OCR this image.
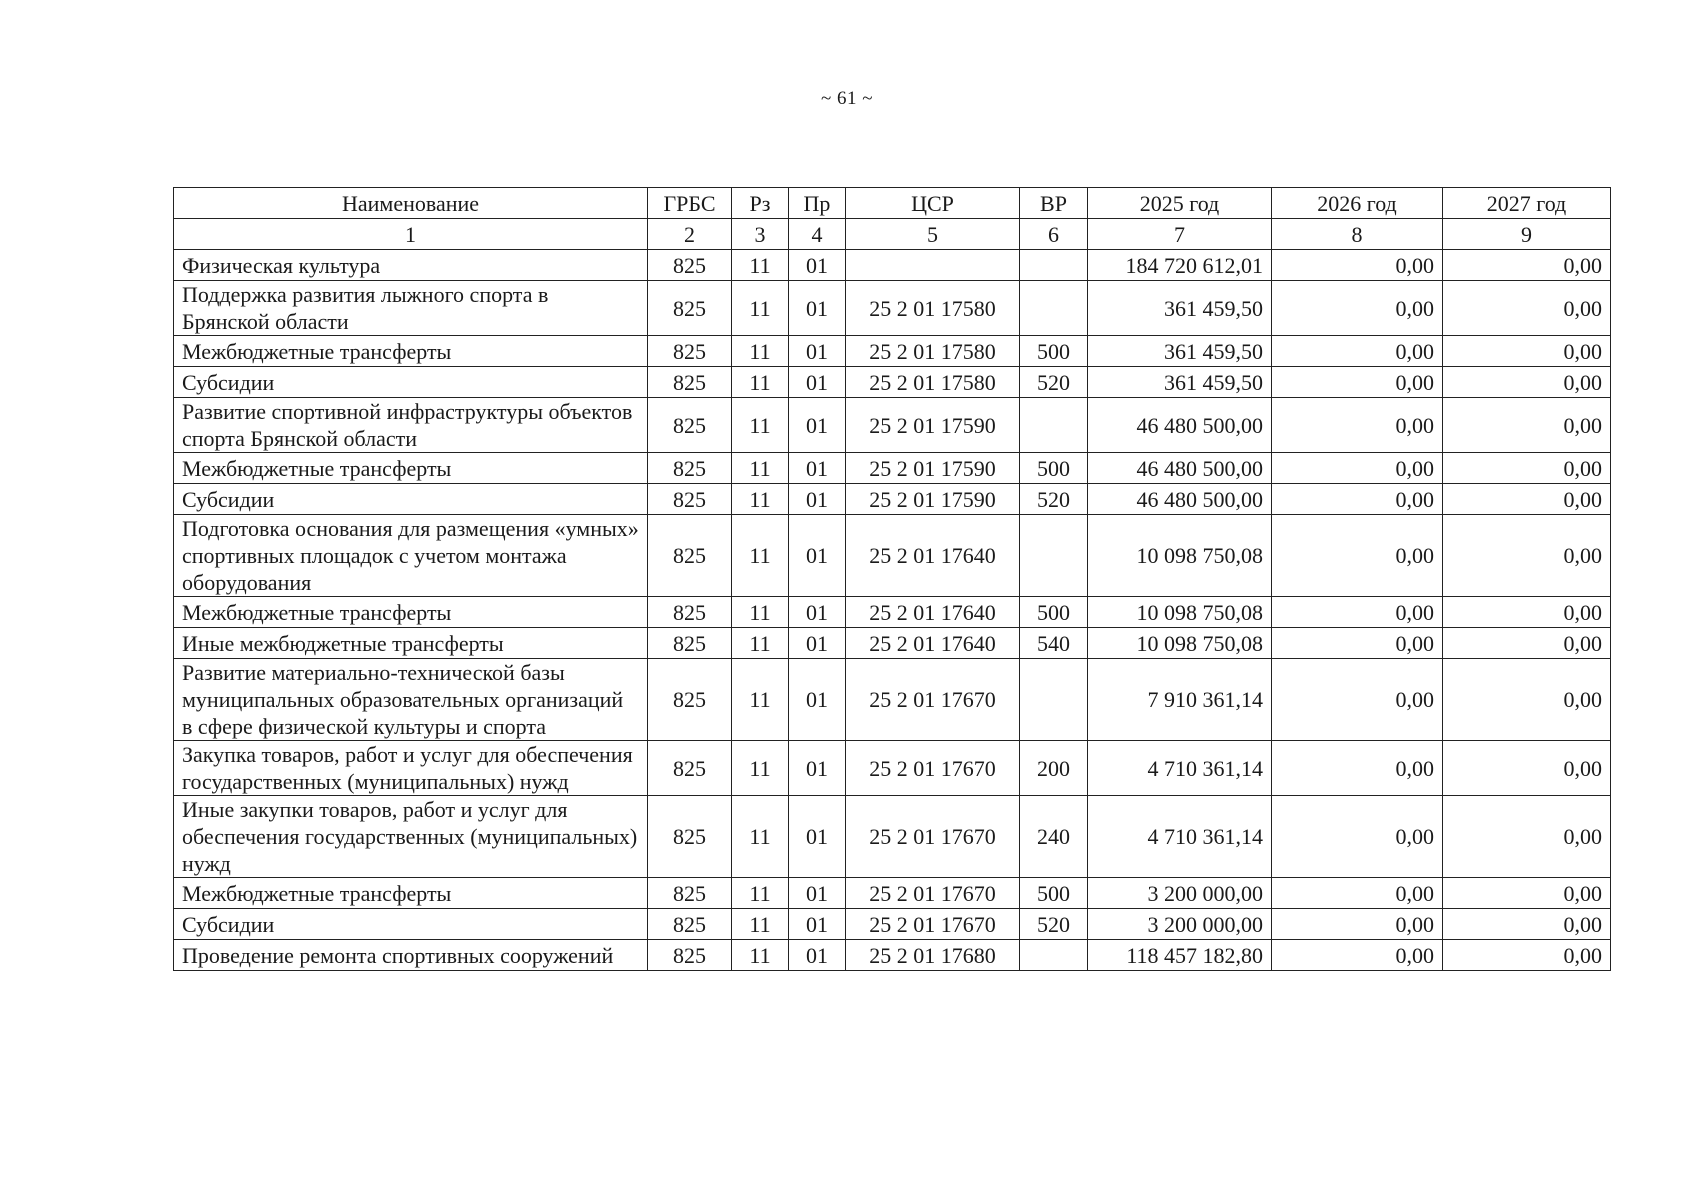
~ 61 ~
Наименование	ГРБС	Рз	Пр	ЦСР	ВР	2025 год	2026 год	2027 год
1	2	3	4	5	6	7	8	9
Физическая культура	825	11	01			184 720 612,01	0,00	0,00
Поддержка развития лыжного спорта в Брянской области	825	11	01	25 2 01 17580		361 459,50	0,00	0,00
Межбюджетные трансферты	825	11	01	25 2 01 17580	500	361 459,50	0,00	0,00
Субсидии	825	11	01	25 2 01 17580	520	361 459,50	0,00	0,00
Развитие спортивной инфраструктуры объектов спорта Брянской области	825	11	01	25 2 01 17590		46 480 500,00	0,00	0,00
Межбюджетные трансферты	825	11	01	25 2 01 17590	500	46 480 500,00	0,00	0,00
Субсидии	825	11	01	25 2 01 17590	520	46 480 500,00	0,00	0,00
Подготовка основания для размещения «умных» спортивных площадок с учетом монтажа оборудования	825	11	01	25 2 01 17640		10 098 750,08	0,00	0,00
Межбюджетные трансферты	825	11	01	25 2 01 17640	500	10 098 750,08	0,00	0,00
Иные межбюджетные трансферты	825	11	01	25 2 01 17640	540	10 098 750,08	0,00	0,00
Развитие материально-технической базы муниципальных образовательных организаций в сфере физической культуры и спорта	825	11	01	25 2 01 17670		7 910 361,14	0,00	0,00
Закупка товаров, работ и услуг для обеспечения государственных (муниципальных) нужд	825	11	01	25 2 01 17670	200	4 710 361,14	0,00	0,00
Иные закупки товаров, работ и услуг для обеспечения государственных (муниципальных) нужд	825	11	01	25 2 01 17670	240	4 710 361,14	0,00	0,00
Межбюджетные трансферты	825	11	01	25 2 01 17670	500	3 200 000,00	0,00	0,00
Субсидии	825	11	01	25 2 01 17670	520	3 200 000,00	0,00	0,00
Проведение ремонта спортивных сооружений	825	11	01	25 2 01 17680		118 457 182,80	0,00	0,00
